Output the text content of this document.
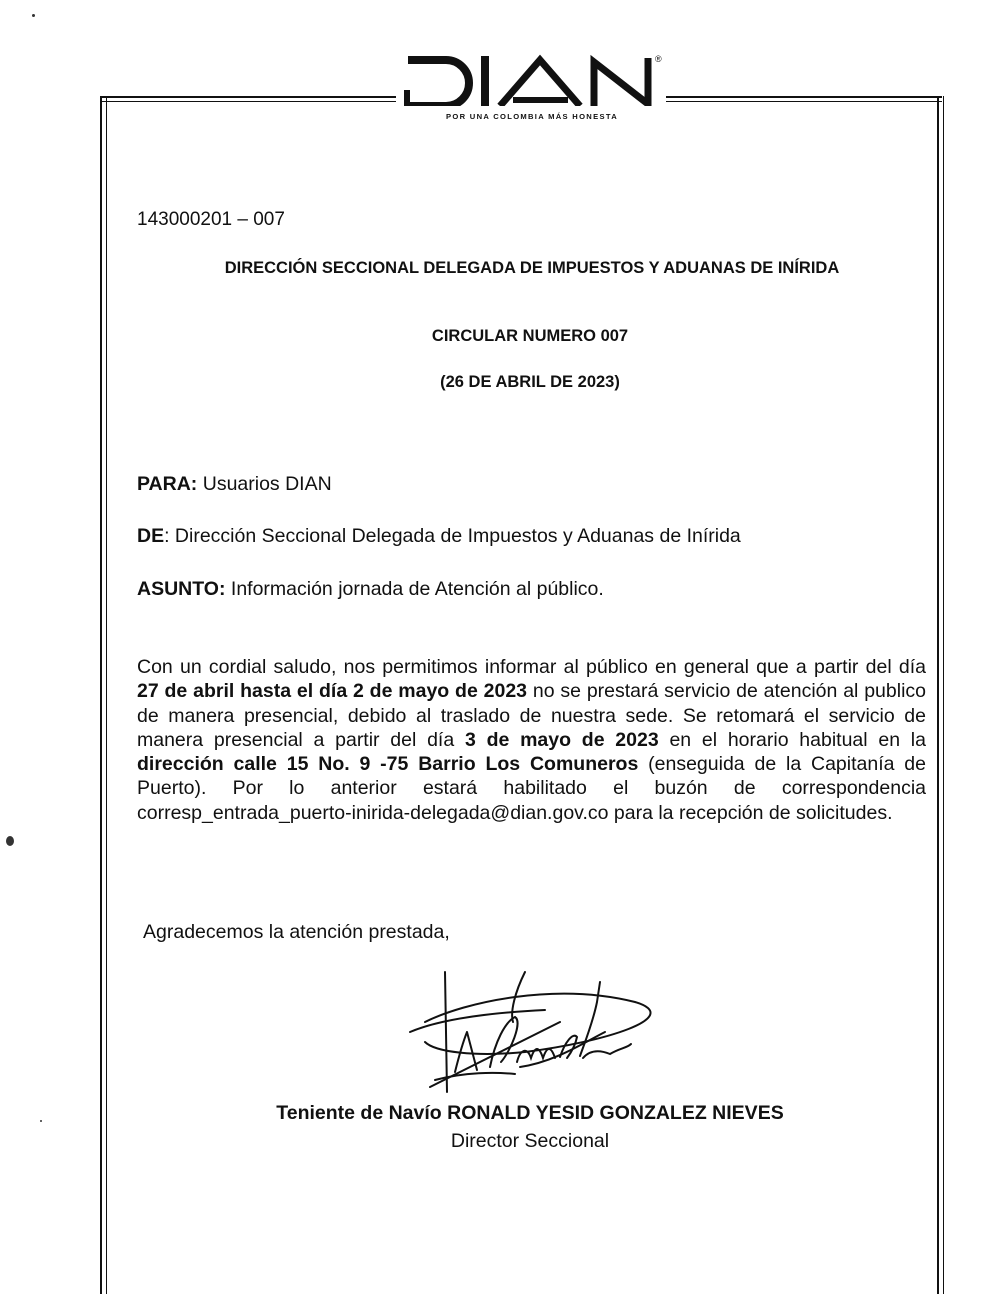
®
POR UNA COLOMBIA MÁS HONESTA
143000201 – 007
DIRECCIÓN SECCIONAL DELEGADA DE IMPUESTOS Y ADUANAS DE INÍRIDA
CIRCULAR NUMERO 007
(26 DE ABRIL DE 2023)
PARA: Usuarios DIAN
DE: Dirección Seccional Delegada de Impuestos y Aduanas de Inírida
ASUNTO: Información jornada de Atención al público.
Con un cordial saludo, nos permitimos informar al público en general que a partir del día 27 de abril hasta el día 2 de mayo de 2023 no se prestará servicio de atención al publico de manera presencial, debido al traslado de nuestra sede. Se retomará el servicio de manera presencial a partir del día 3 de mayo de 2023 en el horario habitual en la dirección calle 15 No. 9 -75 Barrio Los Comuneros (enseguida de la Capitanía de Puerto). Por lo anterior estará habilitado el buzón de correspondencia corresp_entrada_puerto-inirida-delegada@dian.gov.co para la recepción de solicitudes.
Agradecemos la atención prestada,
Teniente de Navío RONALD YESID GONZALEZ NIEVES
Director Seccional
